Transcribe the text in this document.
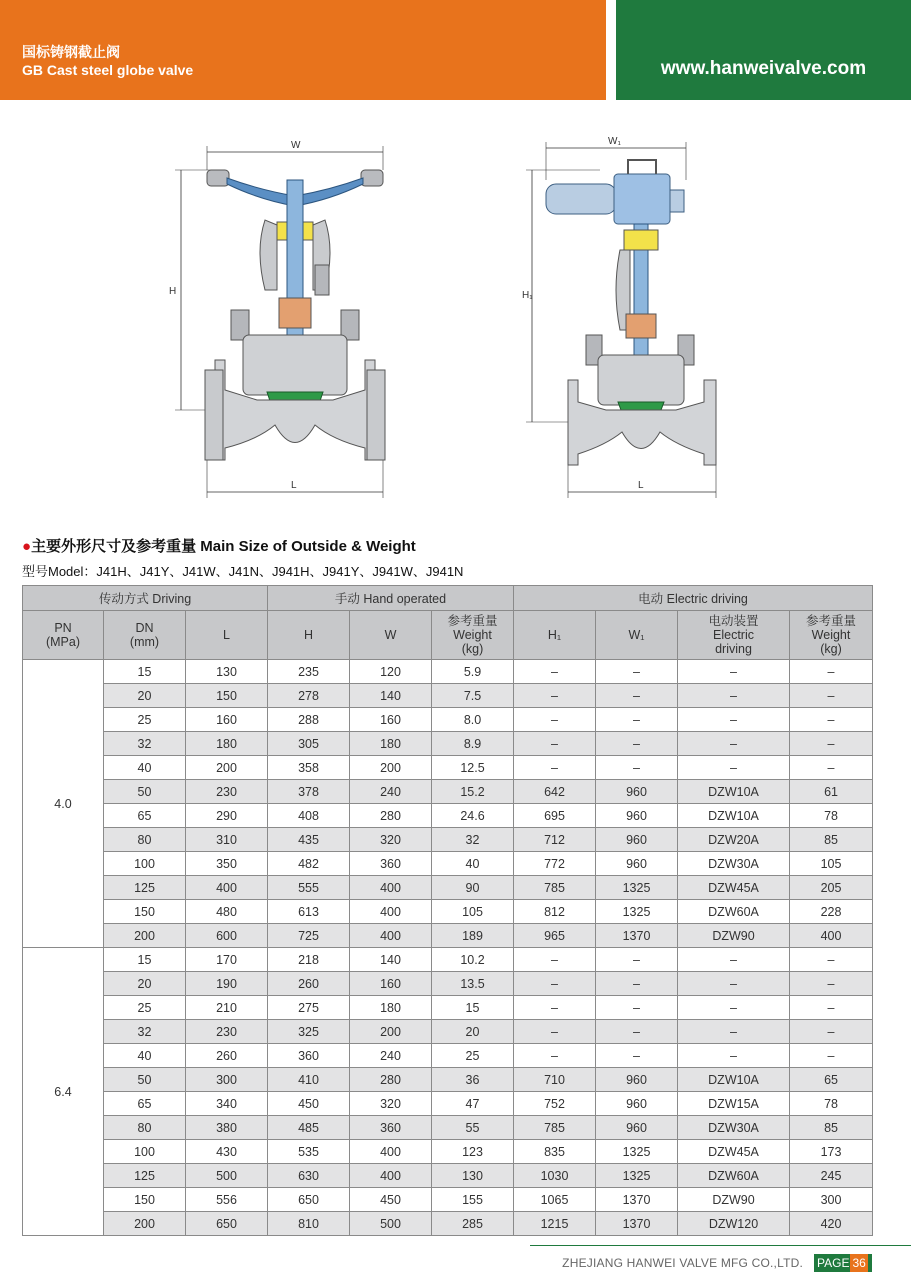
国标铸钢截止阀
GB Cast steel globe valve	www.hanweivalve.com
W
H
L
W₁
H₁
L
●主要外形尺寸及参考重量 Main Size of Outside & Weight
型号Model：J41H、J41Y、J41W、J41N、J941H、J941Y、J941W、J941N
传动方式 Driving			手动 Hand operated			电动 Electric driving			
PN
(MPa)	DN
(mm)	L	H	W	参考重量
Weight
(kg)	H₁	W₁	电动装置
Electric
driving	参考重量
Weight
(kg)
4.0	15	130	235	120	5.9	–	–	–	–
	20	150	278	140	7.5	–	–	–	–
	25	160	288	160	8.0	–	–	–	–
	32	180	305	180	8.9	–	–	–	–
	40	200	358	200	12.5	–	–	–	–
	50	230	378	240	15.2	642	960	DZW10A	61
	65	290	408	280	24.6	695	960	DZW10A	78
	80	310	435	320	32	712	960	DZW20A	85
	100	350	482	360	40	772	960	DZW30A	105
	125	400	555	400	90	785	1325	DZW45A	205
	150	480	613	400	105	812	1325	DZW60A	228
	200	600	725	400	189	965	1370	DZW90	400
6.4	15	170	218	140	10.2	–	–	–	–
	20	190	260	160	13.5	–	–	–	–
	25	210	275	180	15	–	–	–	–
	32	230	325	200	20	–	–	–	–
	40	260	360	240	25	–	–	–	–
	50	300	410	280	36	710	960	DZW10A	65
	65	340	450	320	47	752	960	DZW15A	78
	80	380	485	360	55	785	960	DZW30A	85
	100	430	535	400	123	835	1325	DZW45A	173
	125	500	630	400	130	1030	1325	DZW60A	245
	150	556	650	450	155	1065	1370	DZW90	300
	200	650	810	500	285	1215	1370	DZW120	420
ZHEJIANG HANWEI VALVE MFG CO.,LTD. PAGE 36
